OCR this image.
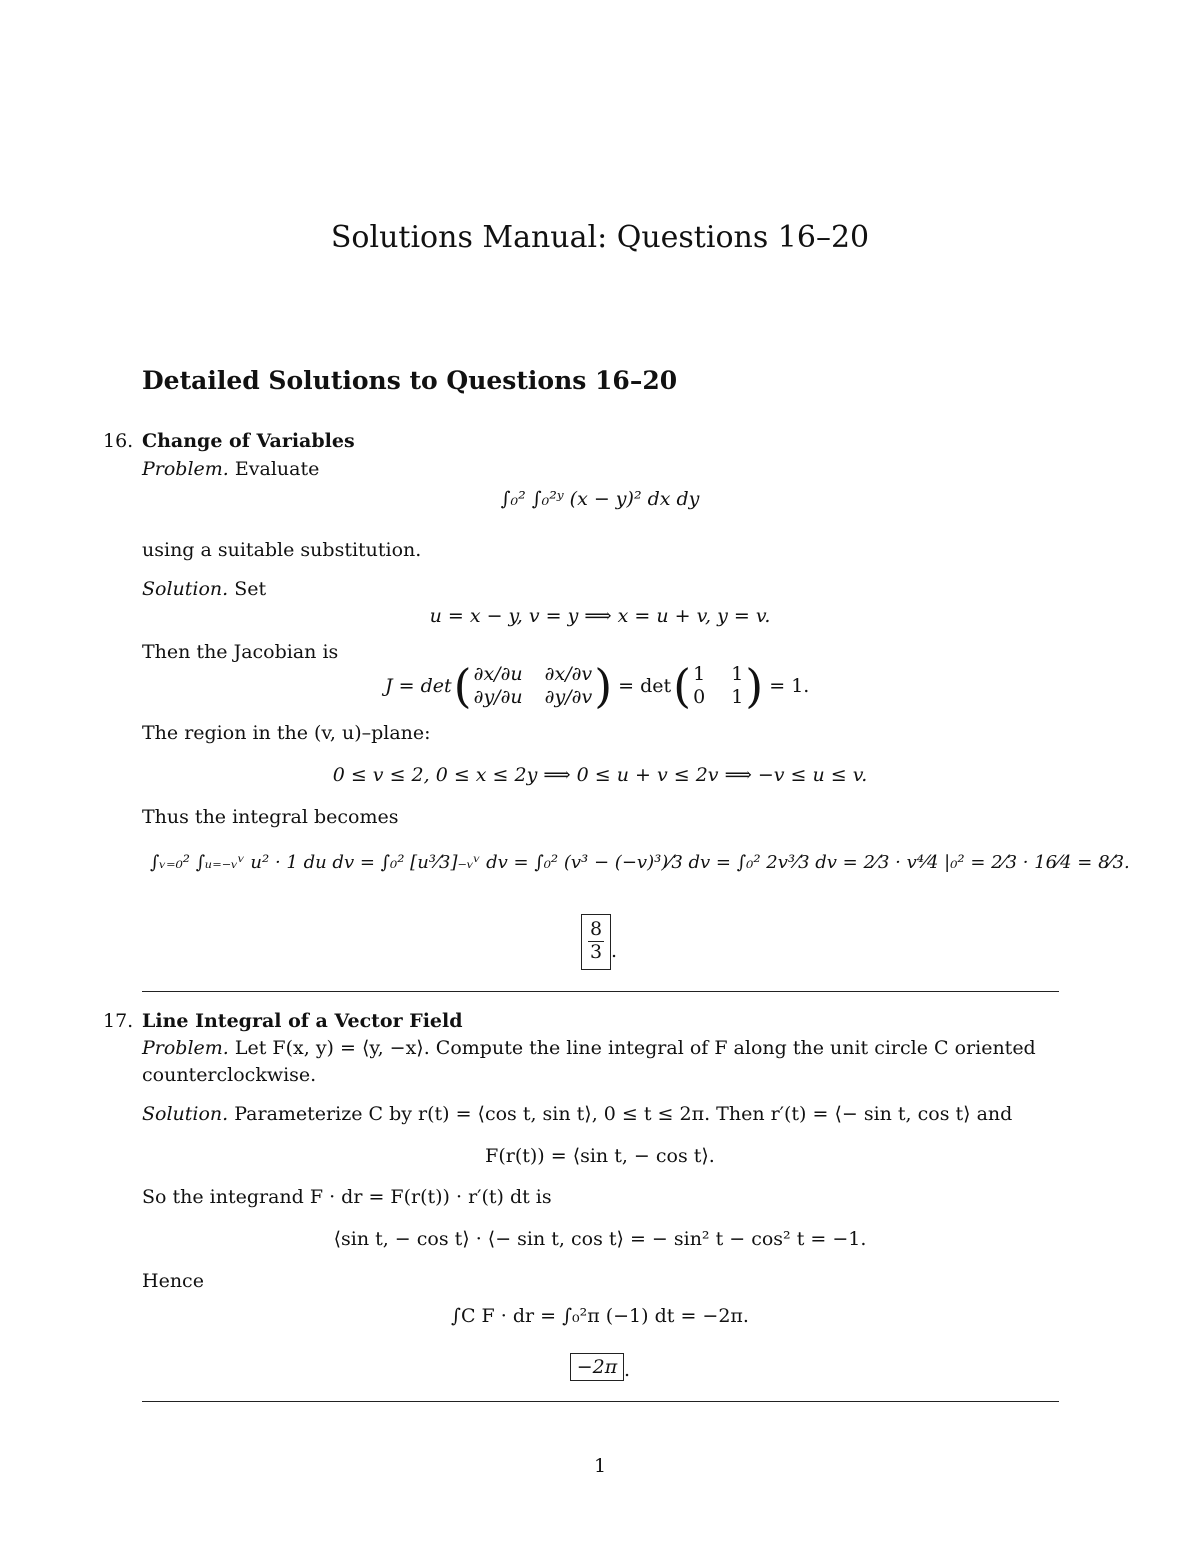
Solutions Manual: Questions 16–20
Detailed Solutions to Questions 16–20
16. Change of Variables
Problem. Evaluate
∫₀² ∫₀²ʸ (x − y)² dx dy
using a suitable substitution.
Solution. Set
u = x − y, v = y ⟹ x = u + v, y = v.
Then the Jacobian is
J = det ( ∂x/∂u ∂x/∂v
∂y/∂u ∂y/∂v ) = det ( 1 1
0 1 ) = 1.
The region in the (v, u)–plane:
0 ≤ v ≤ 2, 0 ≤ x ≤ 2y ⟹ 0 ≤ u + v ≤ 2v ⟹ −v ≤ u ≤ v.
Thus the integral becomes
∫ᵥ₌₀² ∫ᵤ₌₋ᵥᵛ u² · 1 du dv = ∫₀² [u³⁄3]₋ᵥᵛ dv = ∫₀² (v³ − (−v)³)⁄3 dv = ∫₀² 2v³⁄3 dv = 2⁄3 · v⁴⁄4 |₀² = 2⁄3 · 16⁄4 = 8⁄3.
$\frac{8}{3}$ .
17. Line Integral of a Vector Field
Problem. Let F(x, y) = ⟨y, −x⟩. Compute the line integral of F along the unit circle C oriented
counterclockwise.
Solution. Parameterize C by r(t) = ⟨cos t, sin t⟩, 0 ≤ t ≤ 2π. Then r′(t) = ⟨− sin t, cos t⟩ and
F(r(t)) = ⟨sin t, − cos t⟩.
So the integrand F · dr = F(r(t)) · r′(t) dt is
⟨sin t, − cos t⟩ · ⟨− sin t, cos t⟩ = − sin² t − cos² t = −1.
Hence
∫C F · dr = ∫₀²π (−1) dt = −2π.
−2π .
1
